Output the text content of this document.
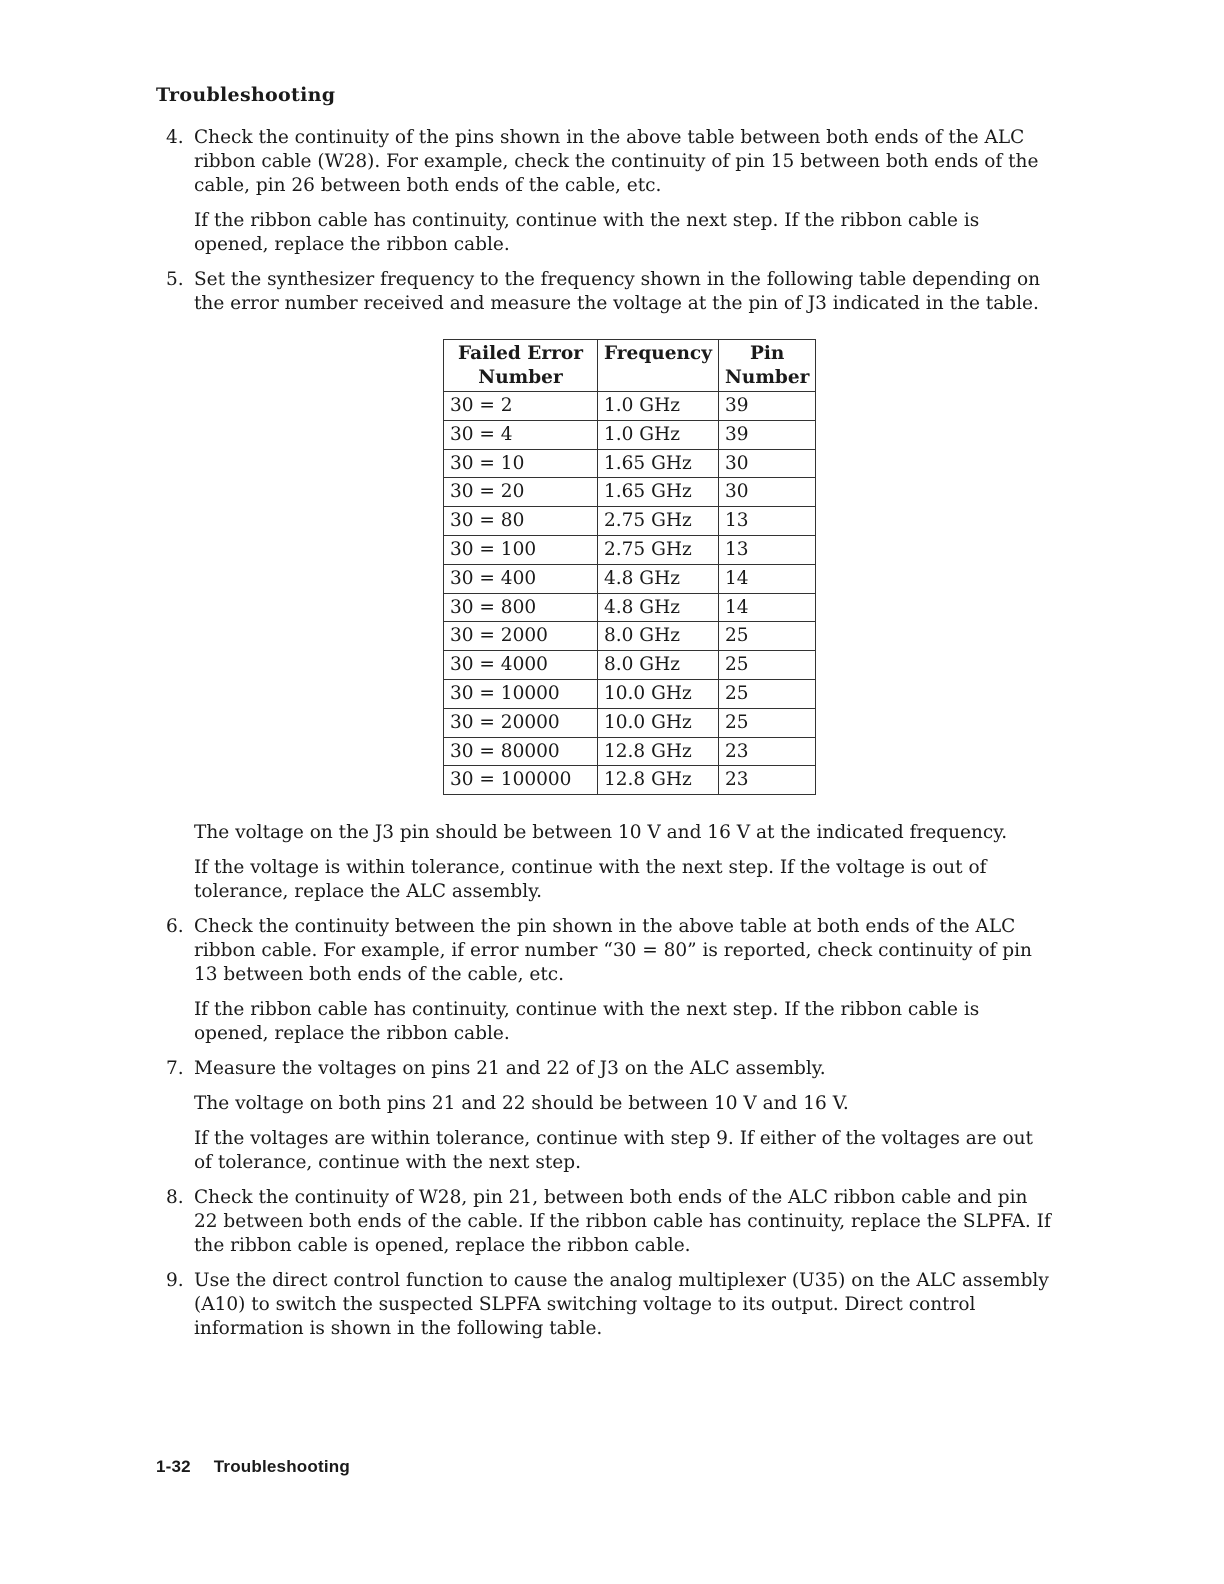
Troubleshooting
4. Check the continuity of the pins shown in the above table between both ends of the ALC ribbon cable (W28). For example, check the continuity of pin 15 between both ends of the cable, pin 26 between both ends of the cable, etc.

If the ribbon cable has continuity, continue with the next step. If the ribbon cable is opened, replace the ribbon cable.

5. Set the synthesizer frequency to the frequency shown in the following table depending on the error number received and measure the voltage at the pin of J3 indicated in the table.
Failed Error Number	Frequency	Pin Number
30 = 2	1.0 GHz	39
30 = 4	1.0 GHz	39
30 = 10	1.65 GHz	30
30 = 20	1.65 GHz	30
30 = 80	2.75 GHz	13
30 = 100	2.75 GHz	13
30 = 400	4.8 GHz	14
30 = 800	4.8 GHz	14
30 = 2000	8.0 GHz	25
30 = 4000	8.0 GHz	25
30 = 10000	10.0 GHz	25
30 = 20000	10.0 GHz	25
30 = 80000	12.8 GHz	23
30 = 100000	12.8 GHz	23

The voltage on the J3 pin should be between 10 V and 16 V at the indicated frequency.

If the voltage is within tolerance, continue with the next step. If the voltage is out of tolerance, replace the ALC assembly.

6. Check the continuity between the pin shown in the above table at both ends of the ALC ribbon cable. For example, if error number “30 = 80” is reported, check continuity of pin 13 between both ends of the cable, etc.

If the ribbon cable has continuity, continue with the next step. If the ribbon cable is opened, replace the ribbon cable.

7. Measure the voltages on pins 21 and 22 of J3 on the ALC assembly.

The voltage on both pins 21 and 22 should be between 10 V and 16 V.

If the voltages are within tolerance, continue with step 9. If either of the voltages are out of tolerance, continue with the next step.

8. Check the continuity of W28, pin 21, between both ends of the ALC ribbon cable and pin 22 between both ends of the cable. If the ribbon cable has continuity, replace the SLPFA. If the ribbon cable is opened, replace the ribbon cable.
9. Use the direct control function to cause the analog multiplexer (U35) on the ALC assembly (A10) to switch the suspected SLPFA switching voltage to its output. Direct control information is shown in the following table.
1-32 Troubleshooting
